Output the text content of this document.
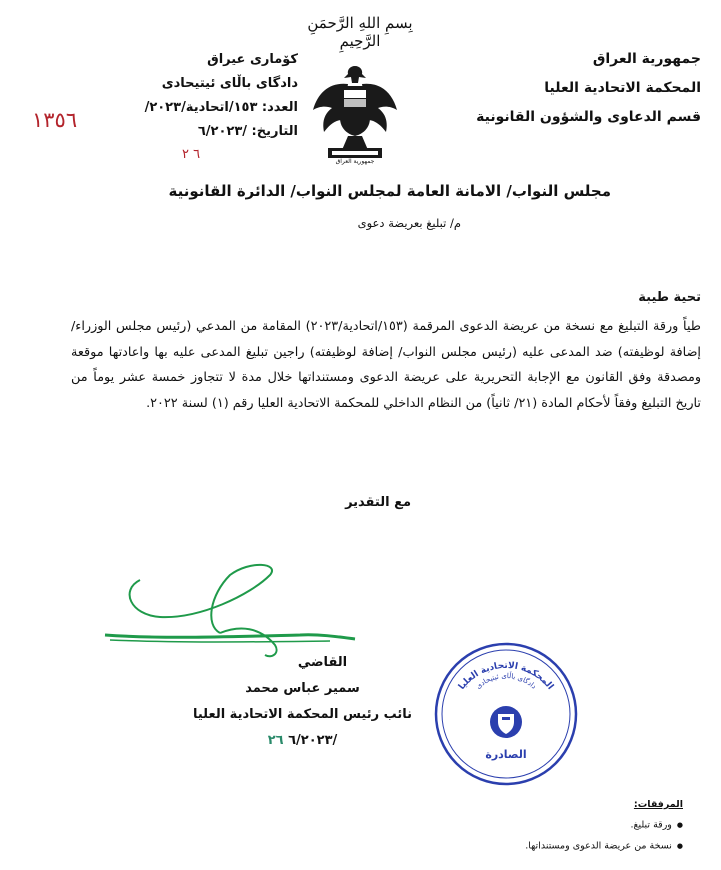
بِسمِ اللهِ الرَّحمَنِ الرَّحِيمِ
جمهورية العراق
المحكمة الاتحادية العليا
قسم الدعاوى والشؤون القانونية
كۆماری عیراق
دادگای باڵای ئیتیحادی
العدد: ١٥٣/اتحادية/٢٠٢٣/
التاريخ: /٦/٢٠٢٣
١٣٥٦
٦ ٢	جمهورية العراق
مجلس النواب/ الامانة العامة لمجلس النواب/ الدائرة القانونية
م/ تبليغ بعريضة دعوى
تحية طيبة
طياً ورقة التبليغ مع نسخة من عريضة الدعوى المرقمة (١٥٣/اتحادية/٢٠٢٣) المقامة من المدعي (رئيس مجلس الوزراء/ إضافة لوظيفته) ضد المدعى عليه (رئيس مجلس النواب/ إضافة لوظيفته) راجين تبليغ المدعى عليه بها واعادتها موقعة ومصدقة وفق القانون مع الإجابة التحريرية على عريضة الدعوى ومستنداتها خلال مدة لا تتجاوز خمسة عشر يوماً من تاريخ التبليغ وفقاً لأحكام المادة (٢١/ ثانياً) من النظام الداخلي للمحكمة الاتحادية العليا رقم (١) لسنة ٢٠٢٢.
مع التقدير
القاضي
سمير عباس محمد
نائب رئيس المحكمة الاتحادية العليا
/٦/٢٠٢٣ ٢٦
المحكمة الاتحادية العليا
دادگای باڵای ئیتیحادی
الصادرة
المرفقات:
● ورقة تبليغ.
● نسخة من عريضة الدعوى ومستنداتها.
